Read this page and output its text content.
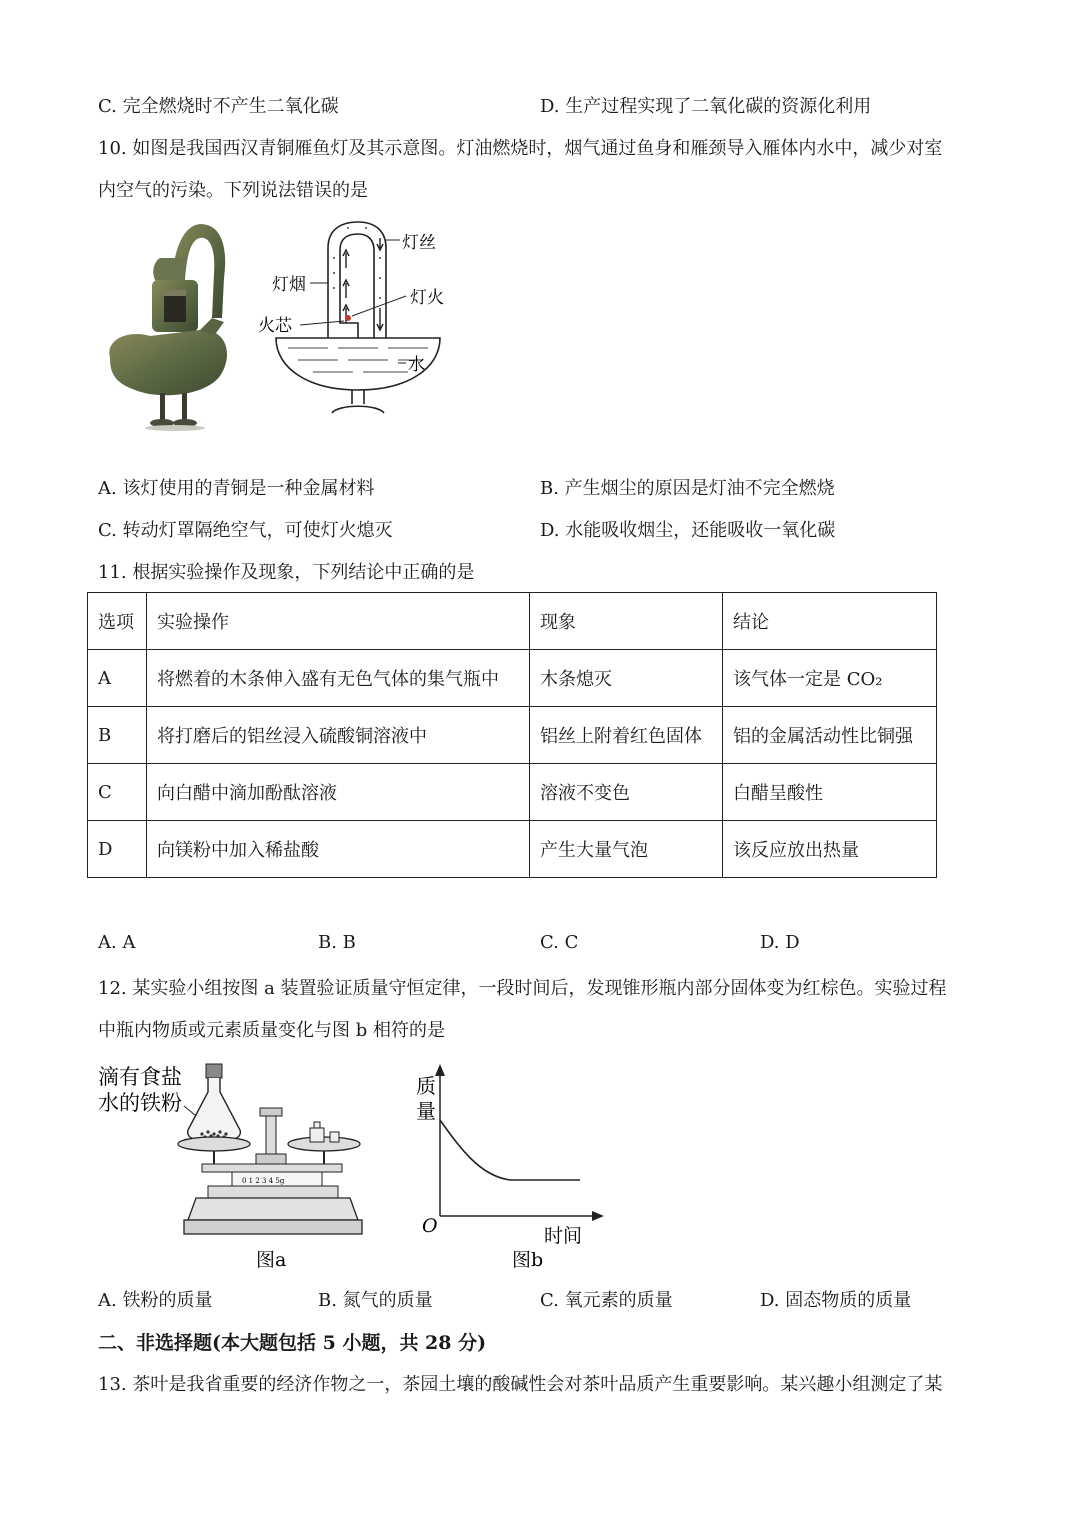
C. 完全燃烧时不产生二氧化碳	D. 生产过程实现了二氧化碳的资源化利用
10. 如图是我国西汉青铜雁鱼灯及其示意图。灯油燃烧时，烟气通过鱼身和雁颈导入雁体内水中，减少对室
内空气的污染。下列说法错误的是
灯丝
灯烟
灯火
火芯
水
A. 该灯使用的青铜是一种金属材料	B. 产生烟尘的原因是灯油不完全燃烧
C. 转动灯罩隔绝空气，可使灯火熄灭	D. 水能吸收烟尘，还能吸收一氧化碳
11. 根据实验操作及现象，下列结论中正确的是
选项	实验操作	现象	结论
A	将燃着的木条伸入盛有无色气体的集气瓶中	木条熄灭	该气体一定是 CO₂
B	将打磨后的铝丝浸入硫酸铜溶液中	铝丝上附着红色固体	铝的金属活动性比铜强
C	向白醋中滴加酚酞溶液	溶液不变色	白醋呈酸性
D	向镁粉中加入稀盐酸	产生大量气泡	该反应放出热量
A. A	B. B	C. C	D. D
12. 某实验小组按图 a 装置验证质量守恒定律，一段时间后，发现锥形瓶内部分固体变为红棕色。实验过程
中瓶内物质或元素质量变化与图 b 相符的是
滴有食盐
水的铁粉
0 1 2 3 4 5g
图a
质
量
O	时间
图b
A. 铁粉的质量	B. 氮气的质量	C. 氧元素的质量	D. 固态物质的质量
二、非选择题(本大题包括 5 小题，共 28 分)
13. 茶叶是我省重要的经济作物之一，茶园土壤的酸碱性会对茶叶品质产生重要影响。某兴趣小组测定了某
